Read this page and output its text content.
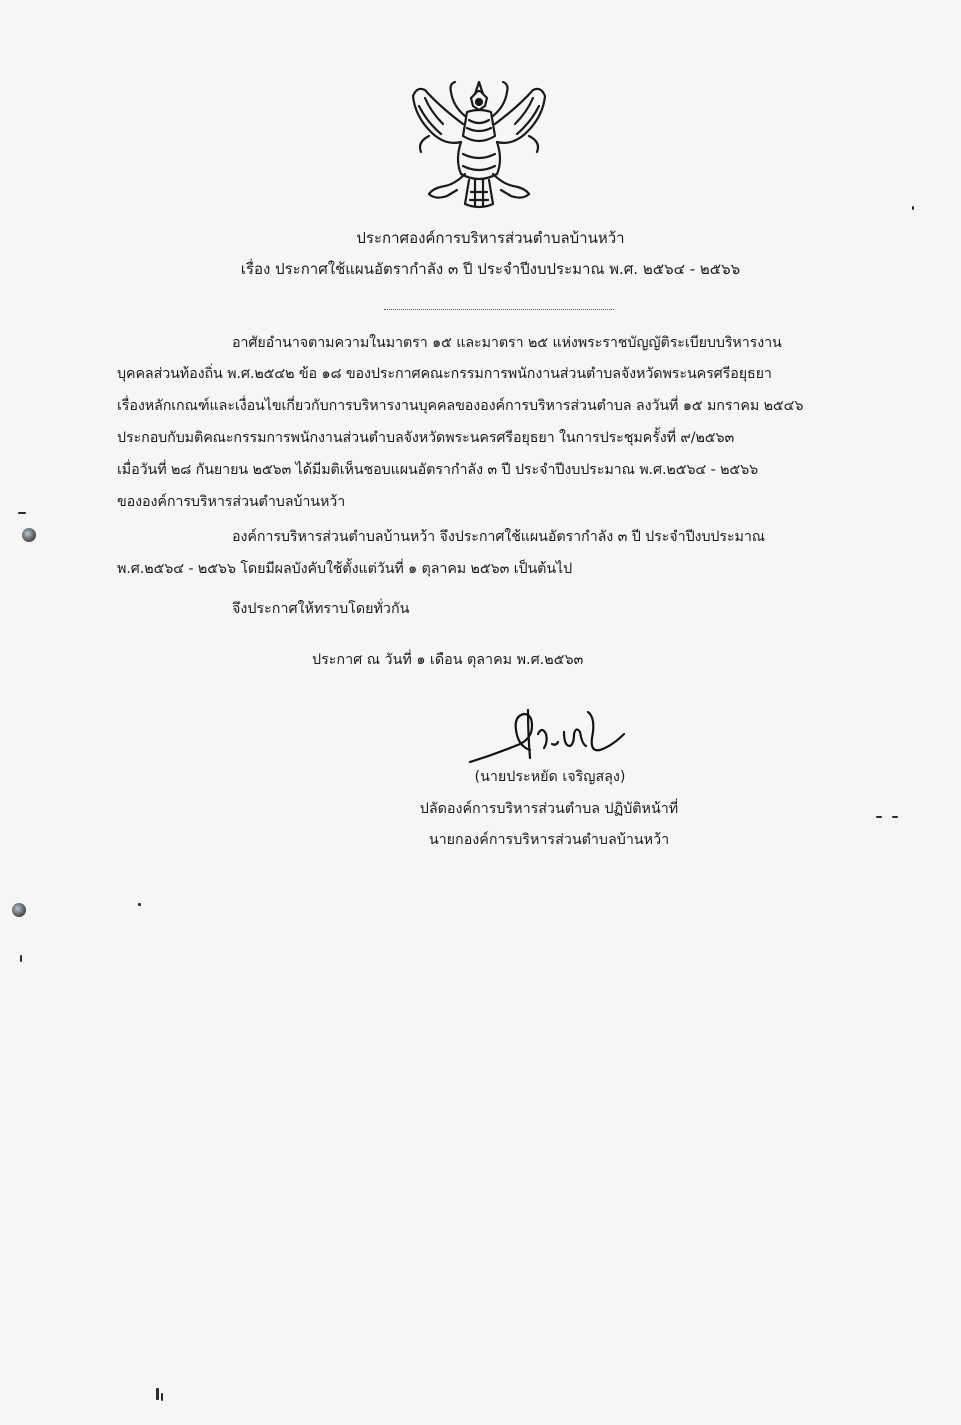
ประกาศองค์การบริหารส่วนตำบลบ้านหว้า
เรื่อง ประกาศใช้แผนอัตรากำลัง ๓ ปี ประจำปีงบประมาณ พ.ศ. ๒๕๖๔ - ๒๕๖๖
อาศัยอำนาจตามความในมาตรา ๑๕ และมาตรา ๒๕ แห่งพระราชบัญญัติระเบียบบริหารงาน
บุคคลส่วนท้องถิ่น พ.ศ.๒๕๔๒ ข้อ ๑๘ ของประกาศคณะกรรมการพนักงานส่วนตำบลจังหวัดพระนครศรีอยุธยา
เรื่องหลักเกณฑ์และเงื่อนไขเกี่ยวกับการบริหารงานบุคคลขององค์การบริหารส่วนตำบล ลงวันที่ ๑๕ มกราคม ๒๕๔๖
ประกอบกับมติคณะกรรมการพนักงานส่วนตำบลจังหวัดพระนครศรีอยุธยา ในการประชุมครั้งที่ ๙/๒๕๖๓
เมื่อวันที่ ๒๘ กันยายน ๒๕๖๓ ได้มีมติเห็นชอบแผนอัตรากำลัง ๓ ปี ประจำปีงบประมาณ พ.ศ.๒๕๖๔ - ๒๕๖๖
ขององค์การบริหารส่วนตำบลบ้านหว้า
องค์การบริหารส่วนตำบลบ้านหว้า จึงประกาศใช้แผนอัตรากำลัง ๓ ปี ประจำปีงบประมาณ
พ.ศ.๒๕๖๔ - ๒๕๖๖ โดยมีผลบังคับใช้ตั้งแต่วันที่ ๑ ตุลาคม ๒๕๖๓ เป็นต้นไป
จึงประกาศให้ทราบโดยทั่วกัน
ประกาศ ณ วันที่ ๑ เดือน ตุลาคม พ.ศ.๒๕๖๓
(นายประหยัด เจริญสลุง)
ปลัดองค์การบริหารส่วนตำบล ปฏิบัติหน้าที่
นายกองค์การบริหารส่วนตำบลบ้านหว้า
